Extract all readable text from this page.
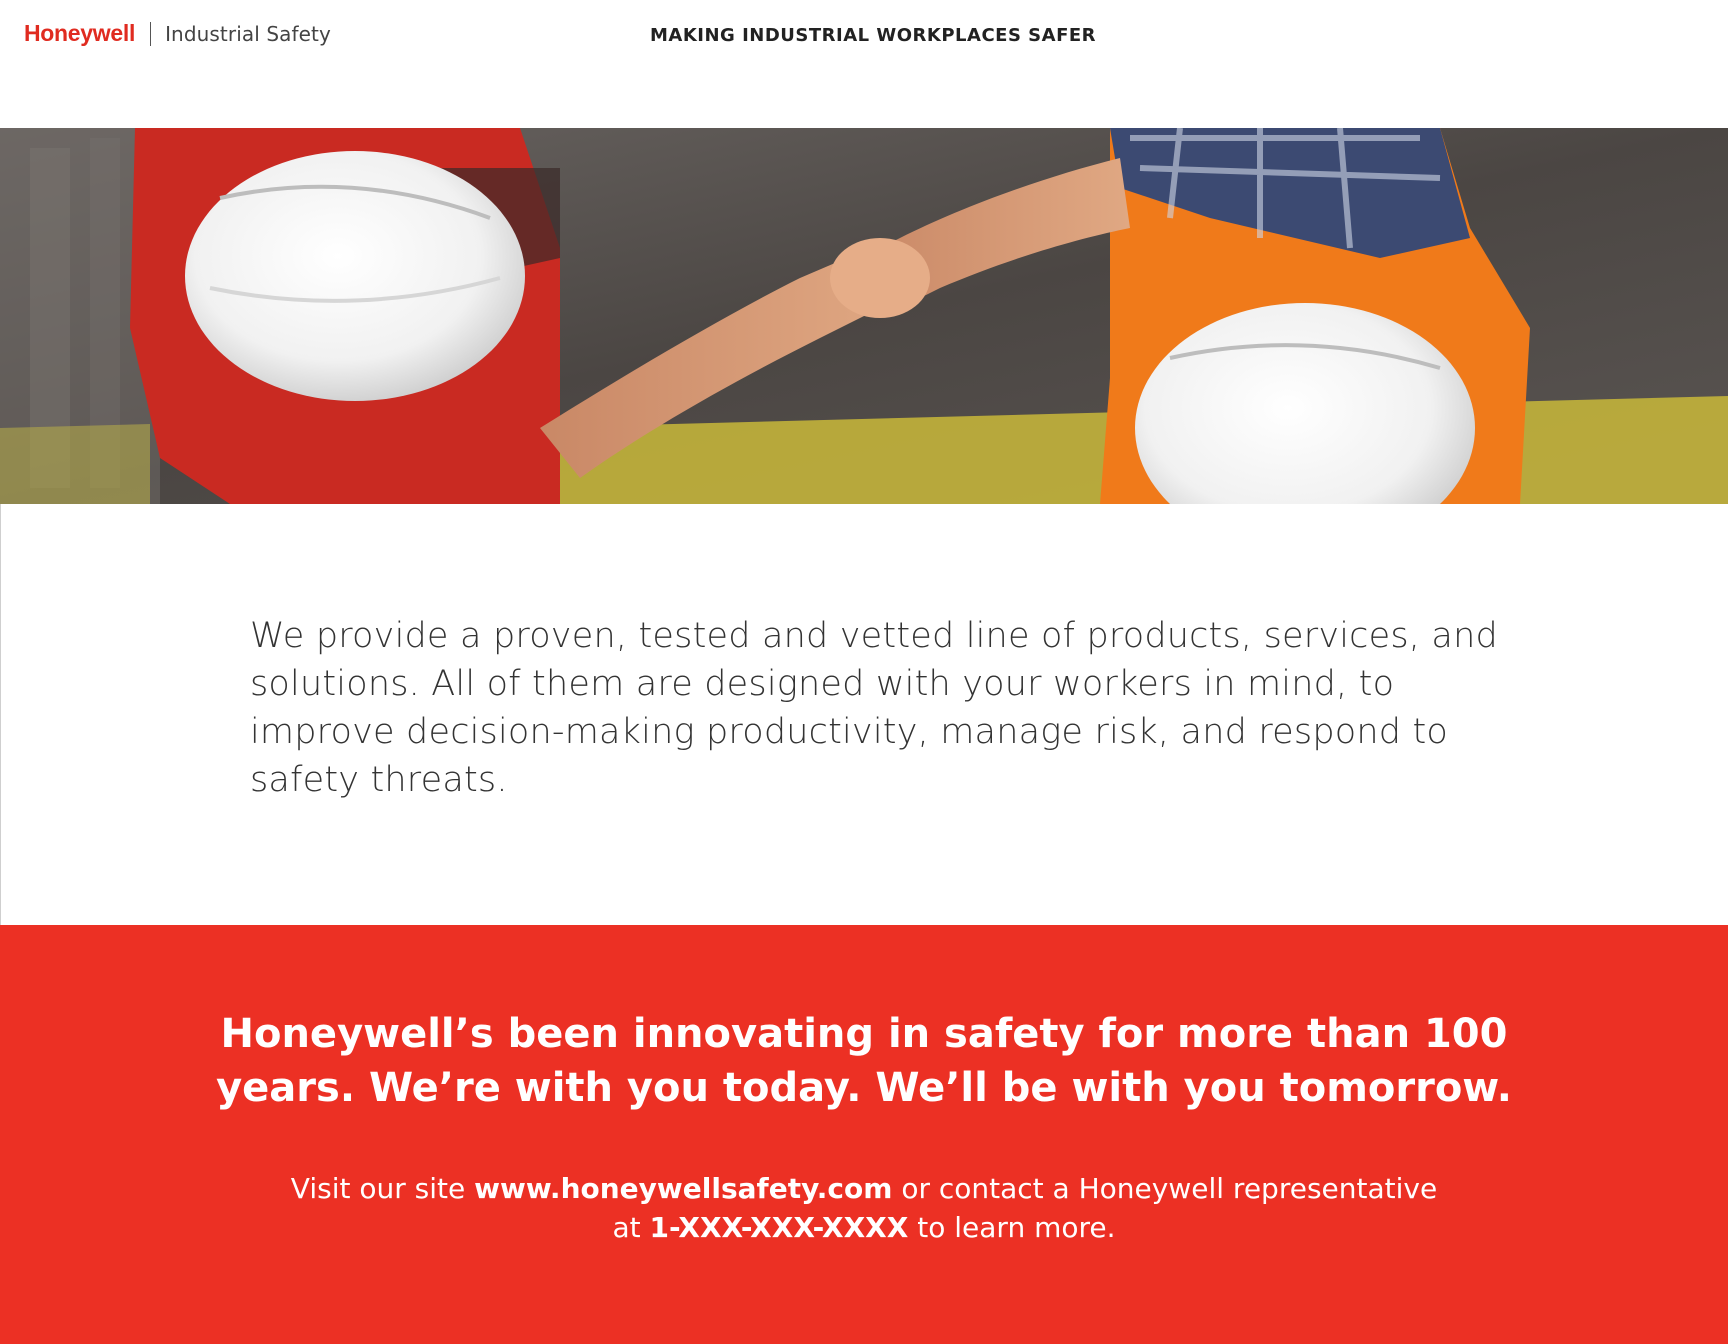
Honeywell Industrial Safety	MAKING INDUSTRIAL WORKPLACES SAFER
We provide a proven, tested and vetted line of products, services, and solutions. All of them are designed with your workers in mind, to improve decision-making productivity, manage risk, and respond to safety threats.
Honeywell’s been innovating in safety for more than 100
years. We’re with you today. We’ll be with you tomorrow.
Visit our site www.honeywellsafety.com or contact a Honeywell representative
at 1-XXX-XXX-XXXX to learn more.
